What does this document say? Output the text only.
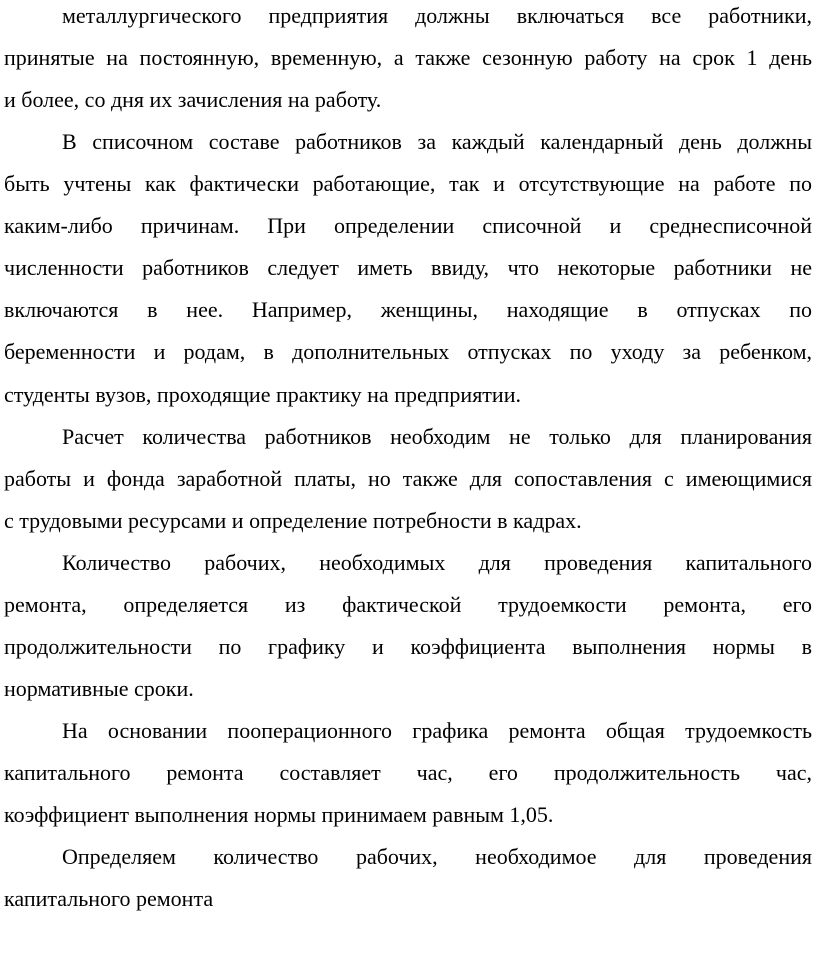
металлургического предприятия должны включаться все работники,
принятые на постоянную, временную, а также сезонную работу на срок 1 день
и более, со дня их зачисления на работу.
В списочном составе работников за каждый календарный день должны
быть учтены как фактически работающие, так и отсутствующие на работе по
каким-либо причинам. При определении списочной и среднесписочной
численности работников следует иметь ввиду, что некоторые работники не
включаются в нее. Например, женщины, находящие в отпусках по
беременности и родам, в дополнительных отпусках по уходу за ребенком,
студенты вузов, проходящие практику на предприятии.
Расчет количества работников необходим не только для планирования
работы и фонда заработной платы, но также для сопоставления с имеющимися
с трудовыми ресурсами и определение потребности в кадрах.
Количество рабочих, необходимых для проведения капитального
ремонта, определяется из фактической трудоемкости ремонта, его
продолжительности по графику и коэффициента выполнения нормы в
нормативные сроки.
На основании пооперационного графика ремонта общая трудоемкость
капитального ремонта составляет час, его продолжительность час,
коэффициент выполнения нормы принимаем равным 1,05.
Определяем количество рабочих, необходимое для проведения
капитального ремонта
